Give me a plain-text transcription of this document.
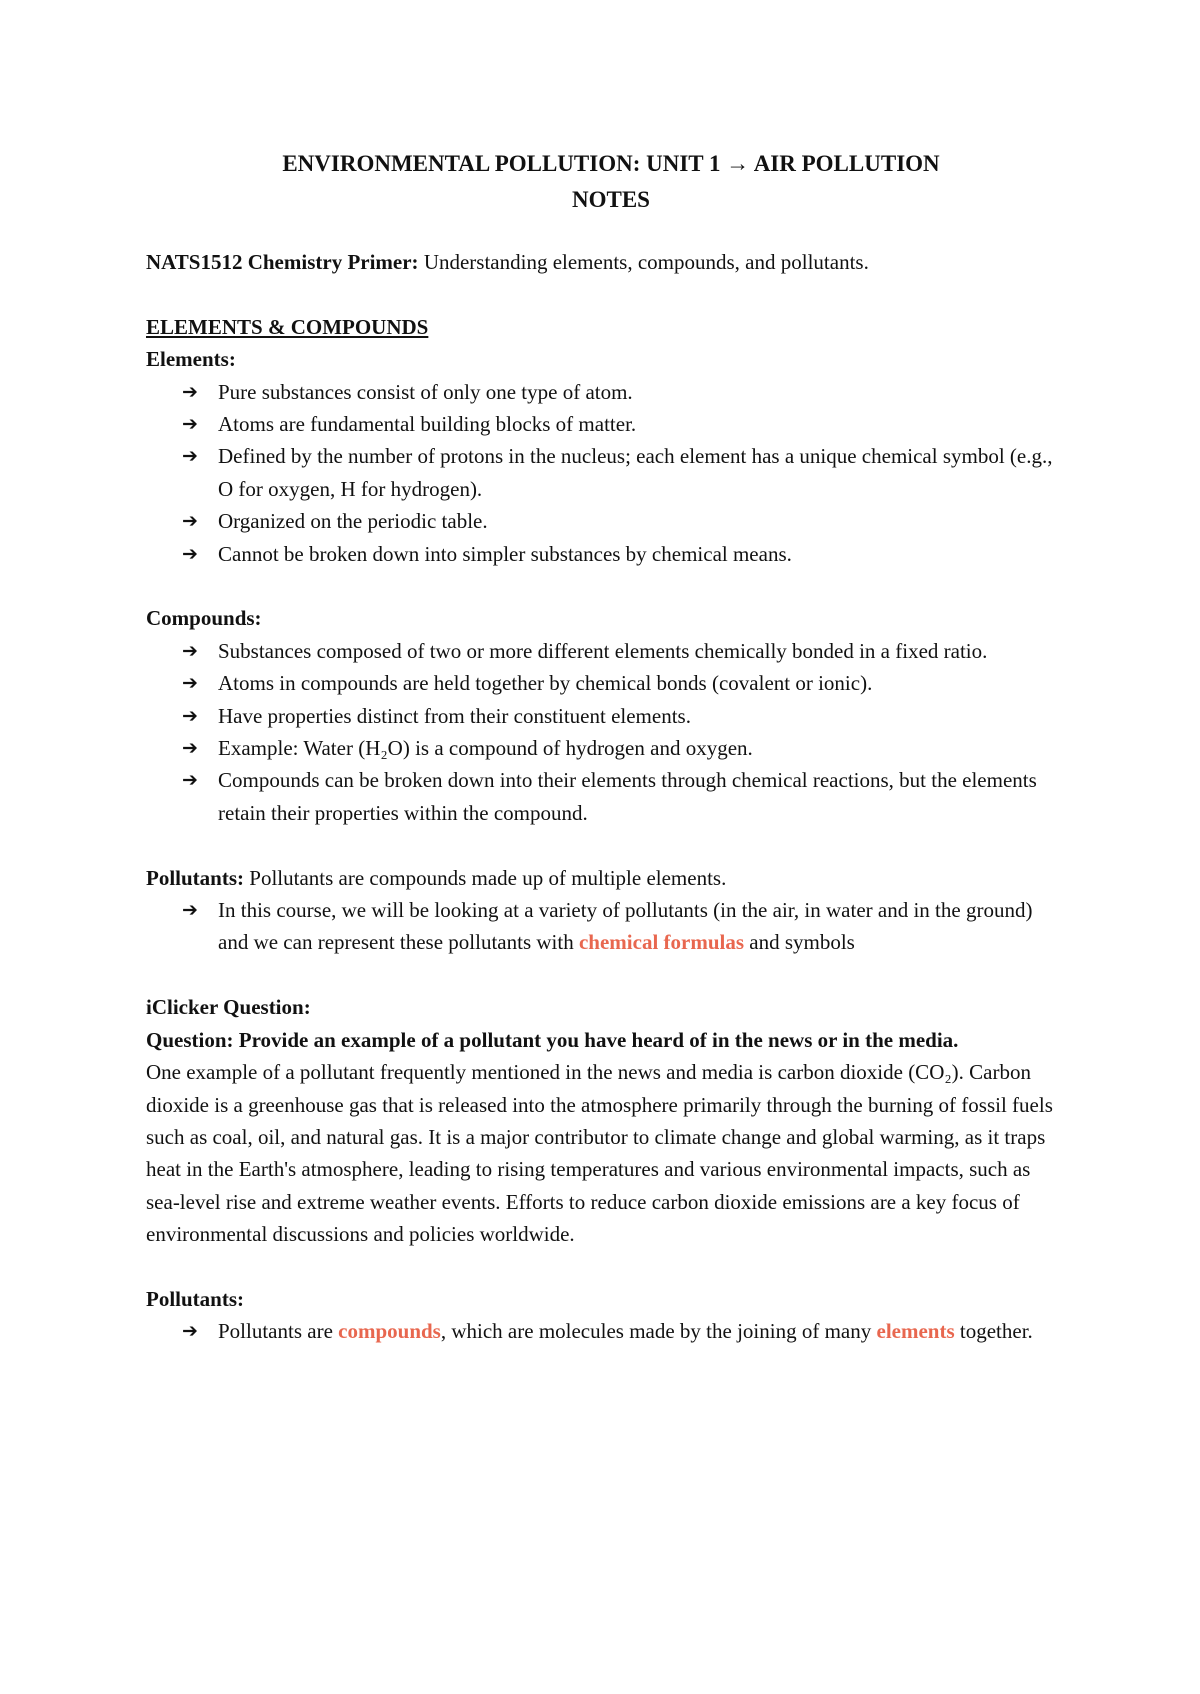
ENVIRONMENTAL POLLUTION: UNIT 1 → AIR POLLUTION
NOTES

NATS1512 Chemistry Primer: Understanding elements, compounds, and pollutants.

ELEMENTS & COMPOUNDS

Elements:

➔ Pure substances consist of only one type of atom.
➔ Atoms are fundamental building blocks of matter.
➔ Defined by the number of protons in the nucleus; each element has a unique chemical symbol (e.g., O for oxygen, H for hydrogen).
➔ Organized on the periodic table.
➔ Cannot be broken down into simpler substances by chemical means.

Compounds:

➔ Substances composed of two or more different elements chemically bonded in a fixed ratio.
➔ Atoms in compounds are held together by chemical bonds (covalent or ionic).
➔ Have properties distinct from their constituent elements.
➔ Example: Water (H₂O) is a compound of hydrogen and oxygen.
➔ Compounds can be broken down into their elements through chemical reactions, but the elements retain their properties within the compound.

Pollutants: Pollutants are compounds made up of multiple elements.

➔ In this course, we will be looking at a variety of pollutants (in the air, in water and in the ground) and we can represent these pollutants with chemical formulas and symbols

iClicker Question:

Question: Provide an example of a pollutant you have heard of in the news or in the media.

One example of a pollutant frequently mentioned in the news and media is carbon dioxide (CO₂). Carbon dioxide is a greenhouse gas that is released into the atmosphere primarily through the burning of fossil fuels such as coal, oil, and natural gas. It is a major contributor to climate change and global warming, as it traps heat in the Earth's atmosphere, leading to rising temperatures and various environmental impacts, such as sea-level rise and extreme weather events. Efforts to reduce carbon dioxide emissions are a key focus of environmental discussions and policies worldwide.

Pollutants:

➔ Pollutants are compounds, which are molecules made by the joining of many elements together.
